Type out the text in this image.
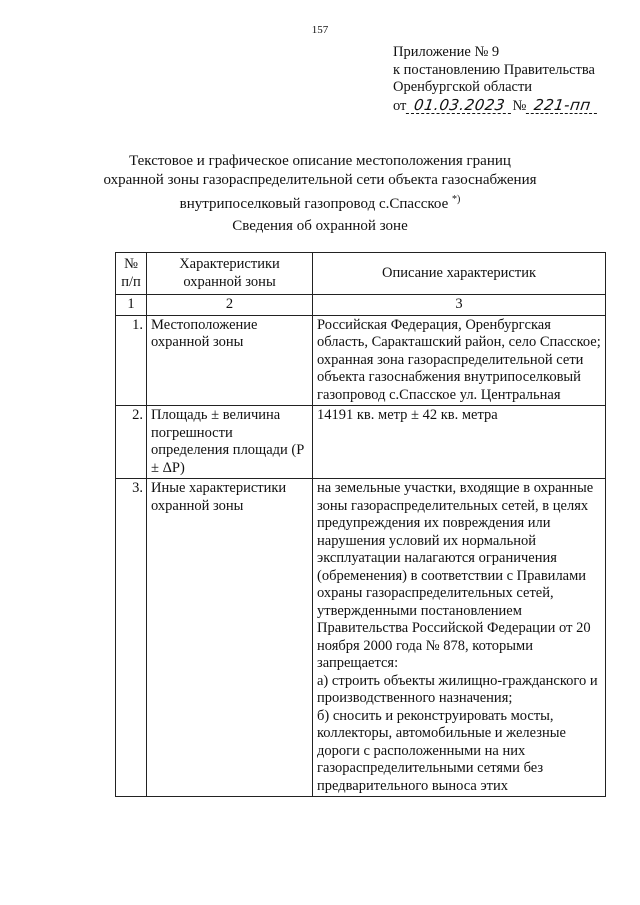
157
Приложение № 9
к постановлению Правительства
Оренбургской области
от 01.03.2023 № 221-пп
Текстовое и графическое описание местоположения границ
охранной зоны газораспределительной сети объекта газоснабжения
внутрипоселковый газопровод с.Спасское *)
Сведения об охранной зоне
№ п/п	Характеристики охранной зоны	Описание характеристик
1	2	3
1.	Местоположение охранной зоны	Российская Федерация, Оренбургская область, Саракташский район, село Спасское; охранная зона газораспределительной сети объекта газоснабжения внутрипоселковый газопровод с.Спасское ул. Центральная
2.	Площадь ± величина погрешности определения площади (P ± ΔP)	14191 кв. метр ± 42 кв. метра
3.	Иные характеристики охранной зоны	на земельные участки, входящие в охранные зоны газораспределительных сетей, в целях предупреждения их повреждения или нарушения условий их нормальной эксплуатации налагаются ограничения (обременения) в соответствии с Правилами охраны газораспределительных сетей, утвержденными постановлением Правительства Российской Федерации от 20 ноября 2000 года № 878, которыми запрещается:
а) строить объекты жилищно-гражданского и производственного назначения;
б) сносить и реконструировать мосты, коллекторы, автомобильные и железные дороги с расположенными на них газораспределительными сетями без предварительного выноса этих
